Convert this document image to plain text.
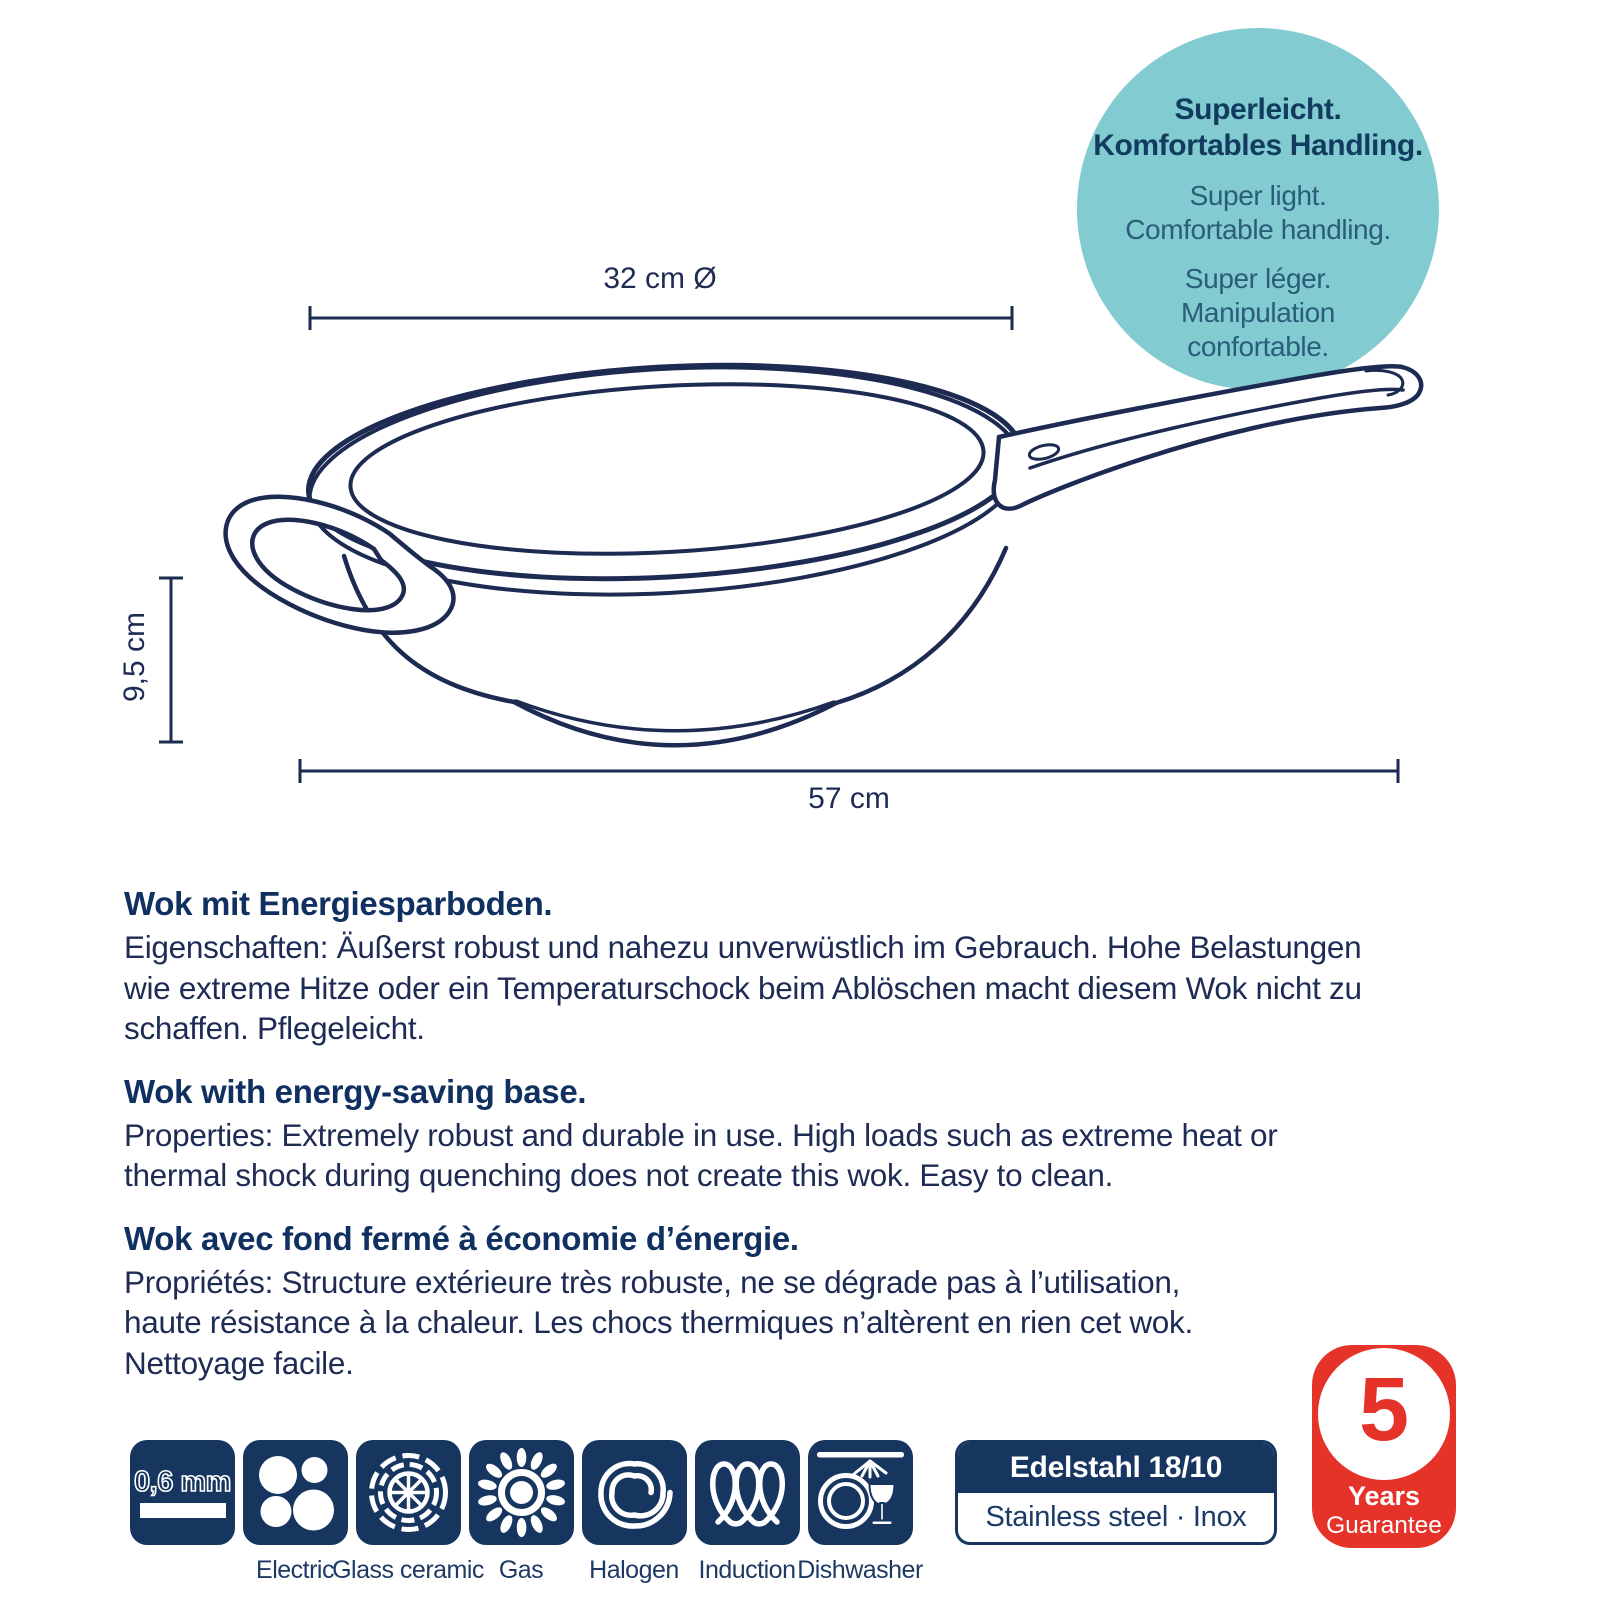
Superleicht.
Komfortables Handling.
Super light.
Comfortable handling.
Super léger.
Manipulation
confortable.
32 cm Ø
9,5 cm
57 cm
Wok mit Energiesparboden.
Eigenschaften: Äußerst robust und nahezu unverwüstlich im Gebrauch. Hohe Belastungen
wie extreme Hitze oder ein Temperaturschock beim Ablöschen macht diesem Wok nicht zu
schaffen. Pflegeleicht.
Wok with energy-saving base.
Properties: Extremely robust and durable in use. High loads such as extreme heat or
thermal shock during quenching does not create this wok. Easy to clean.
Wok avec fond fermé à économie d’énergie.
Propriétés: Structure extérieure très robuste, ne se dégrade pas à l’utilisation,
haute résistance à la chaleur. Les chocs thermiques n’altèrent en rien cet wok.
Nettoyage facile.
0,6 mm
Electric
Glass ceramic Gas	Halogen Induction Dishwasher
Edelstahl 18/10
Stainless steel · Inox
5
Years
Guarantee
